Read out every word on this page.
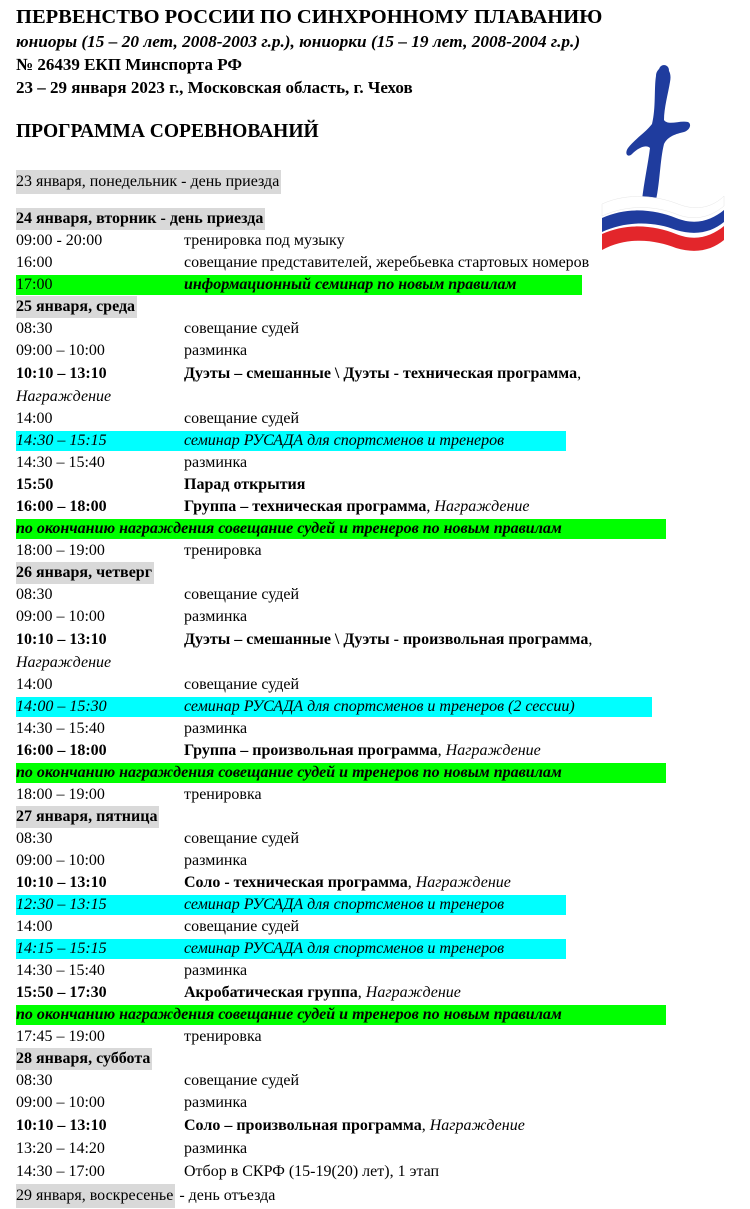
ПЕРВЕНСТВО РОССИИ ПО СИНХРОННОМУ ПЛАВАНИЮ
юниоры (15 – 20 лет, 2008-2003 г.р.), юниорки (15 – 19 лет, 2008-2004 г.р.)
№ 26439 ЕКП Минспорта РФ
23 – 29 января 2023 г., Московская область, г. Чехов
ПРОГРАММА СОРЕВНОВАНИЙ
23 января, понедельник - день приезда
24 января, вторник - день приезда
09:00 - 20:00	тренировка под музыку
16:00	совещание представителей, жеребьевка стартовых номеров
17:00	информационный семинар по новым правилам
25 января, среда
08:30	совещание судей
09:00 – 10:00	разминка
10:10 – 13:10	Дуэты – смешанные \ Дуэты - техническая программа,
Награждение
14:00	совещание судей
14:30 – 15:15	семинар РУСАДА для спортсменов и тренеров
14:30 – 15:40	разминка
15:50	Парад открытия
16:00 – 18:00	Группа – техническая программа, Награждение
по окончанию награждения совещание судей и тренеров по новым правилам
18:00 – 19:00	тренировка
26 января, четверг
08:30	совещание судей
09:00 – 10:00	разминка
10:10 – 13:10	Дуэты – смешанные \ Дуэты - произвольная программа,
Награждение
14:00	совещание судей
14:00 – 15:30	семинар РУСАДА для спортсменов и тренеров (2 сессии)
14:30 – 15:40	разминка
16:00 – 18:00	Группа – произвольная программа, Награждение
по окончанию награждения совещание судей и тренеров по новым правилам
18:00 – 19:00	тренировка
27 января, пятница
08:30	совещание судей
09:00 – 10:00	разминка
10:10 – 13:10	Соло - техническая программа, Награждение
12:30 – 13:15	семинар РУСАДА для спортсменов и тренеров
14:00	совещание судей
14:15 – 15:15	семинар РУСАДА для спортсменов и тренеров
14:30 – 15:40	разминка
15:50 – 17:30	Акробатическая группа, Награждение
по окончанию награждения совещание судей и тренеров по новым правилам
17:45 – 19:00	тренировка
28 января, суббота
08:30	совещание судей
09:00 – 10:00	разминка
10:10 – 13:10	Соло – произвольная программа, Награждение
13:20 – 14:20	разминка
14:30 – 17:00	Отбор в СКРФ (15-19(20) лет), 1 этап
29 января, воскресенье - день отъезда
